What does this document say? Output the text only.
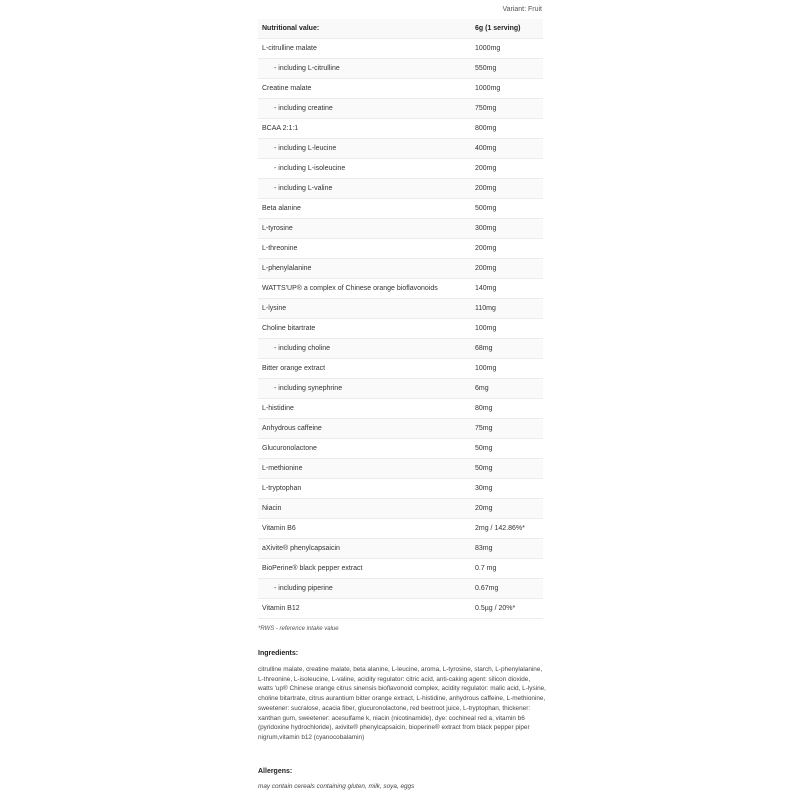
Variant: Fruit
Nutritional value:	6g (1 serving)
L-citrulline malate	1000mg
- including L-citrulline	550mg
Creatine malate	1000mg
- including creatine	750mg
BCAA 2:1:1	800mg
- including L-leucine	400mg
- including L-isoleucine	200mg
- including L-valine	200mg
Beta alanine	500mg
L-tyrosine	300mg
L-threonine	200mg
L-phenylalanine	200mg
WATTS'UP® a complex of Chinese orange bioflavonoids	140mg
L-lysine	110mg
Choline bitartrate	100mg
- including choline	68mg
Bitter orange extract	100mg
- including synephrine	6mg
L-histidine	80mg
Anhydrous caffeine	75mg
Glucuronolactone	50mg
L-methionine	50mg
L-tryptophan	30mg
Niacin	20mg
Vitamin B6	2mg / 142.86%*
aXivite® phenylcapsaicin	83mg
BioPerine® black pepper extract	0.7 mg
- including piperine	0.67mg
Vitamin B12	0.5µg / 20%*
*RWS - reference intake value
Ingredients:
citrulline malate, creatine malate, beta alanine, L-leucine, aroma, L-tyrosine, starch, L-phenylalanine, L-threonine, L-isoleucine, L-valine, acidity regulator: citric acid, anti-caking agent: silicon dioxide, watts 'up® Chinese orange citrus sinensis bioflavonoid complex, acidity regulator: malic acid, L-lysine, choline bitartrate, citrus aurantium bitter orange extract, L-histidine, anhydrous caffeine, L-methionine, sweetener: sucralose, acacia fiber, glucuronolactone, red beetroot juice, L-tryptophan, thickener: xanthan gum, sweetener: acesulfame k, niacin (nicotinamide), dye: cochineal red a, vitamin b6 (pyridoxine hydrochloride), axivite® phenylcapsaicin, bioperine® extract from black pepper piper nigrum,vitamin b12 (cyanocobalamin)
Allergens:
may contain cereals containing gluten, milk, soya, eggs
